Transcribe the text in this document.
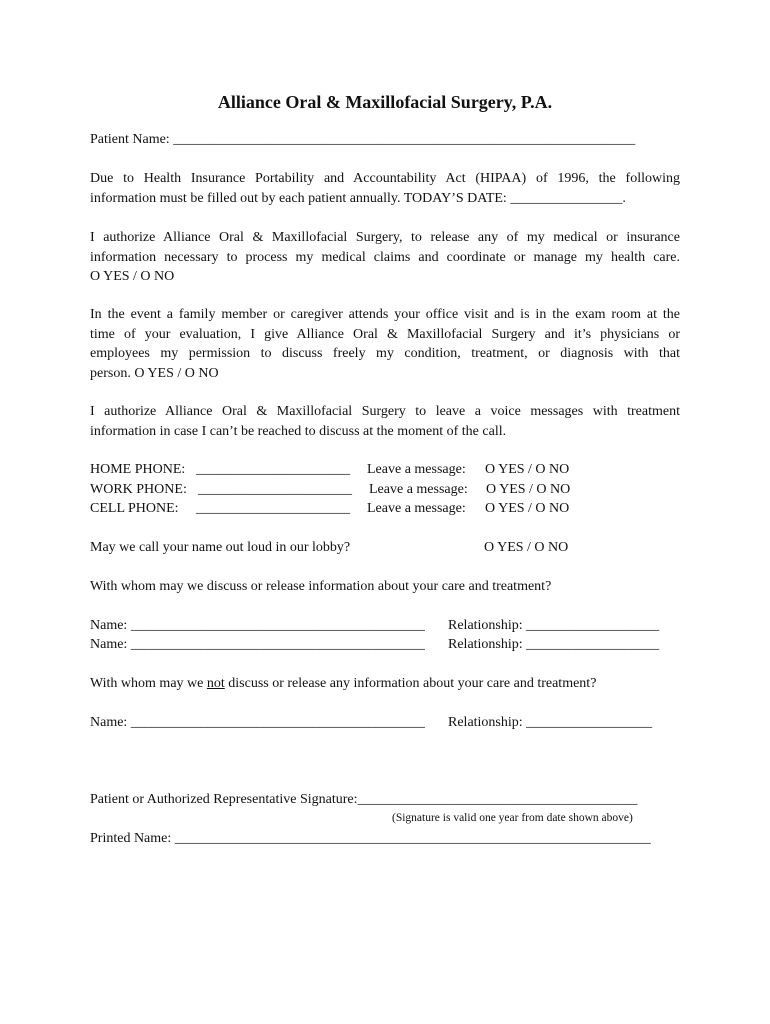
Alliance Oral & Maxillofacial Surgery, P.A.
Patient Name: __________________________________________________________________
Due to Health Insurance Portability and Accountability Act (HIPAA) of 1996, the following
information must be filled out by each patient annually. TODAY’S DATE: ________________.
I authorize Alliance Oral & Maxillofacial Surgery, to release any of my medical or insurance
information necessary to process my medical claims and coordinate or manage my health care.
O YES / O NO
In the event a family member or caregiver attends your office visit and is in the exam room at the
time of your evaluation, I give Alliance Oral & Maxillofacial Surgery and it’s physicians or
employees my permission to discuss freely my condition, treatment, or diagnosis with that
person. O YES / O NO
I authorize Alliance Oral & Maxillofacial Surgery to leave a voice messages with treatment
information in case I can’t be reached to discuss at the moment of the call.
HOME PHONE: ______________________ Leave a message: O YES / O NO
WORK PHONE: ______________________ Leave a message: O YES / O NO
CELL PHONE: ______________________ Leave a message: O YES / O NO
May we call your name out loud in our lobby?	O YES / O NO
With whom may we discuss or release information about your care and treatment?
Name: __________________________________________ Relationship: ___________________
Name: __________________________________________ Relationship: ___________________
With whom may we not discuss or release any information about your care and treatment?
Name: __________________________________________ Relationship: __________________
Patient or Authorized Representative Signature:________________________________________
(Signature is valid one year from date shown above)
Printed Name: ____________________________________________________________________
